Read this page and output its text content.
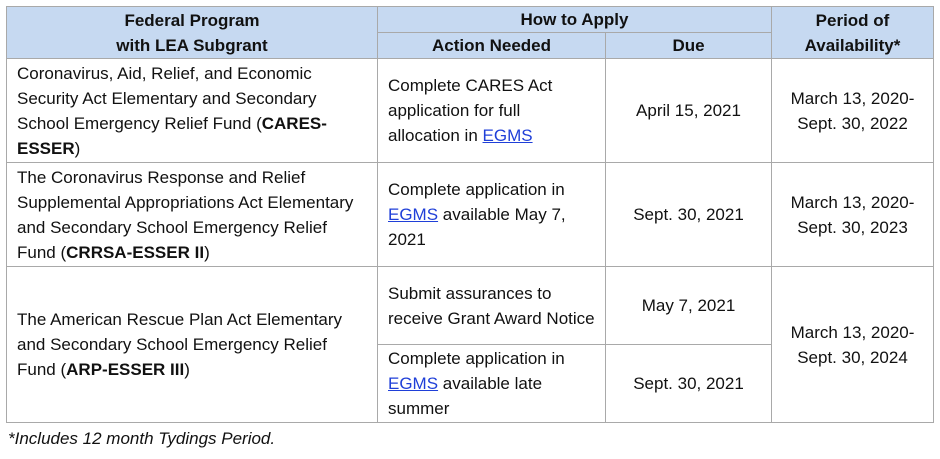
Federal Program
with LEA Subgrant	How to Apply		Period of
Availability*

	Action Needed	Due	
Coronavirus, Aid, Relief, and Economic Security Act Elementary and Secondary School Emergency Relief Fund (CARES-ESSER)	Complete CARES Act application for full allocation in EGMS	April 15, 2021	March 13, 2020-
Sept. 30, 2022

The Coronavirus Response and Relief Supplemental Appropriations Act Elementary and Secondary School Emergency Relief Fund (CRRSA-ESSER II)	Complete application in EGMS available May 7, 2021	Sept. 30, 2021	March 13, 2020-
Sept. 30, 2023

The American Rescue Plan Act Elementary and Secondary School Emergency Relief Fund (ARP-ESSER III)	Submit assurances to receive Grant Award Notice	May 7, 2021	March 13, 2020-
Sept. 30, 2024

	Complete application in EGMS available late summer	Sept. 30, 2021	
*Includes 12 month Tydings Period.
